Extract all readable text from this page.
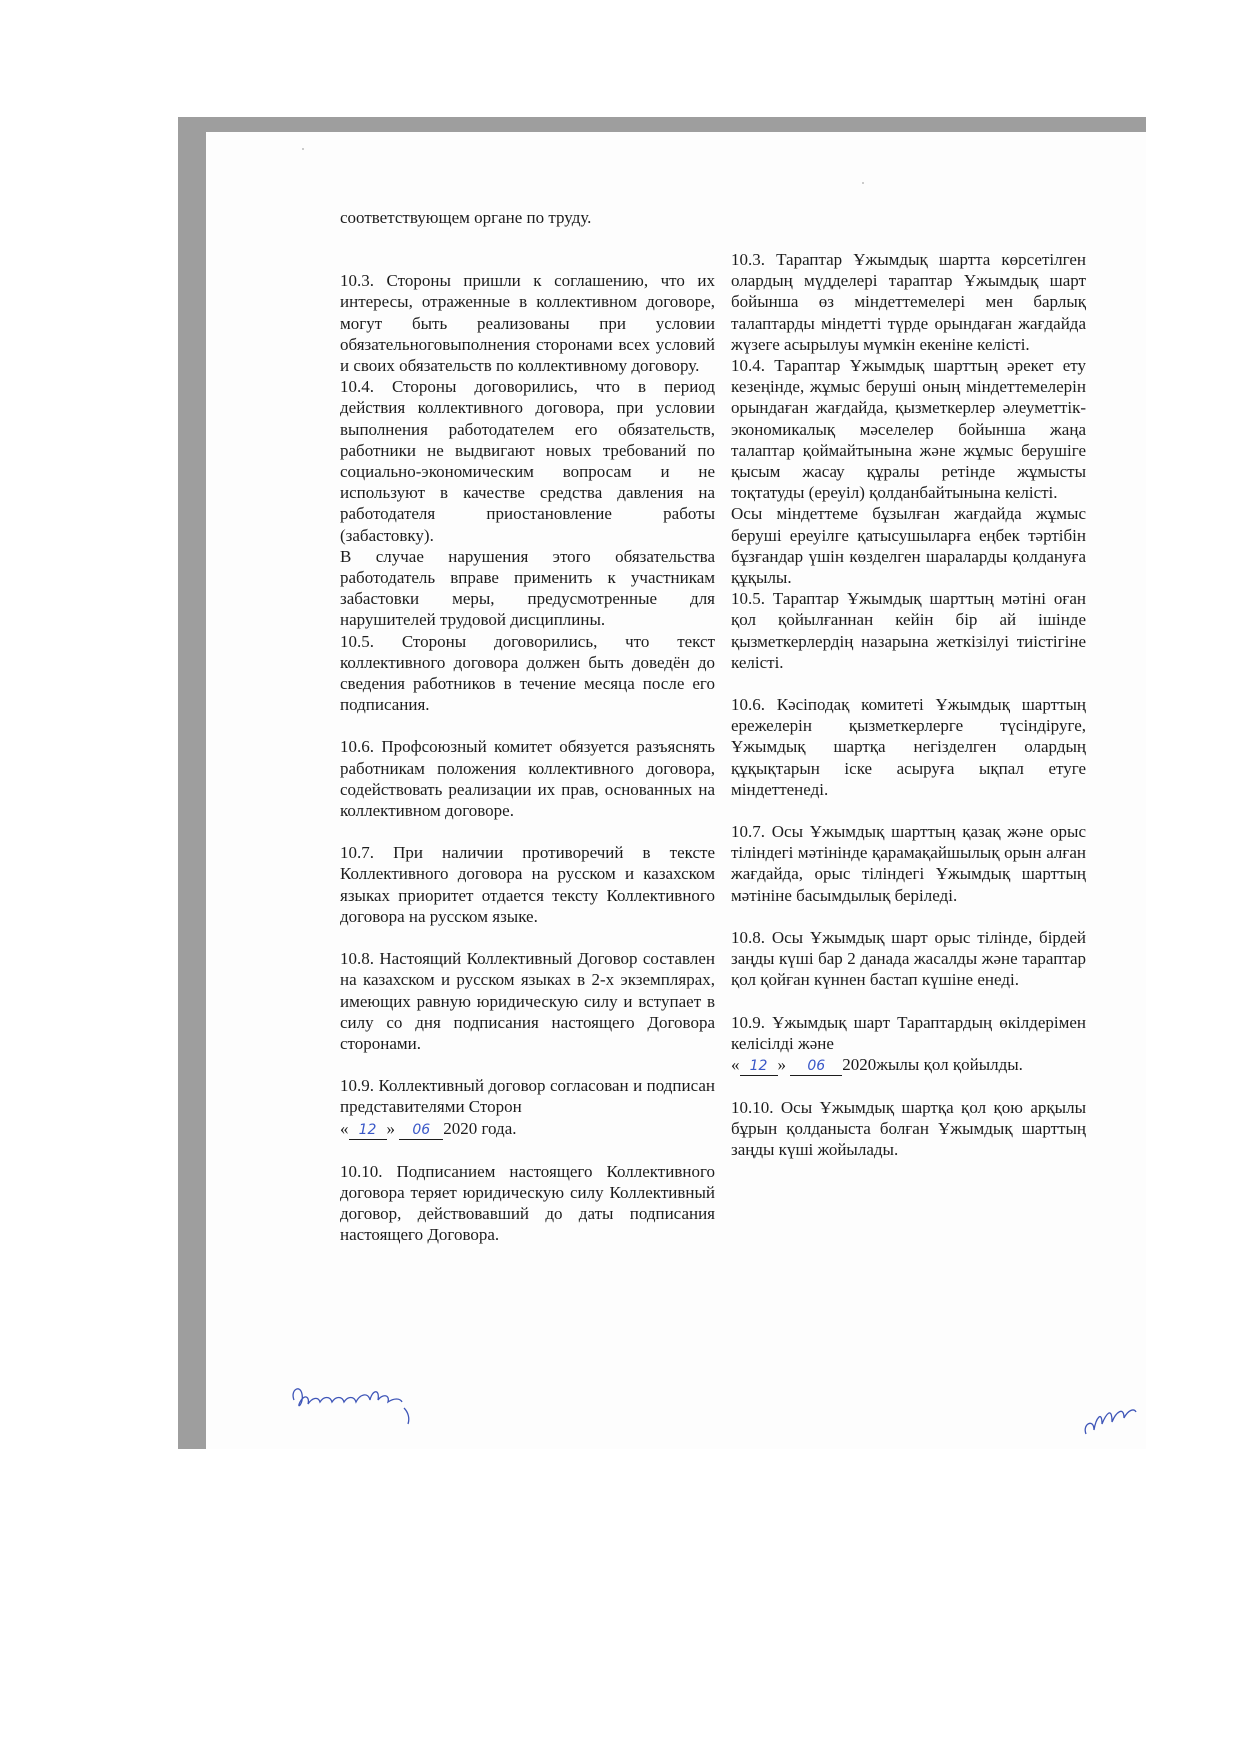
соответствующем органе по труду.

10.3. Стороны пришли к соглашению, что их интересы, отраженные в коллективном договоре, могут быть реализованы при условии обязательноговыполнения сторонами всех условий и своих обязательств по коллективному договору.

10.4. Стороны договорились, что в период действия коллективного договора, при условии выполнения работодателем его обязательств, работники не выдвигают новых требований по социально-экономическим вопросам и не используют в качестве средства давления на работодателя приостановление работы (забастовку).

В случае нарушения этого обязательства работодатель вправе применить к участникам забастовки меры, предусмотренные для нарушителей трудовой дисциплины.

10.5. Стороны договорились, что текст коллективного договора должен быть доведён до сведения работников в течение месяца после его подписания.

10.6. Профсоюзный комитет обязуется разъяснять работникам положения коллективного договора, содействовать реализации их прав, основанных на коллективном договоре.

10.7. При наличии противоречий в тексте Коллективного договора на русском и казахском языках приоритет отдается тексту Коллективного договора на русском языке.

10.8. Настоящий Коллективный Договор составлен на казахском и русском языках в 2-х экземплярах, имеющих равную юридическую силу и вступает в силу со дня подписания настоящего Договора сторонами.

10.9. Коллективный договор согласован и подписан представителями Сторон

« 12 » 06 2020 года.

10.10. Подписанием настоящего Коллективного договора теряет юридическую силу Коллективный договор, действовавший до даты подписания настоящего Договора.

10.3. Тараптар Ұжымдық шартта көрсетілген олардың мүдделері тараптар Ұжымдық шарт бойынша өз міндеттемелері мен барлық талаптарды міндетті түрде орындаған жағдайда жүзеге асырылуы мүмкін екеніне келісті.

10.4. Тараптар Ұжымдық шарттың әрекет ету кезеңінде, жұмыс беруші оның міндеттемелерін орындаған жағдайда, қызметкерлер әлеуметтік-экономикалық мәселелер бойынша жаңа талаптар қоймайтынына және жұмыс берушіге қысым жасау құралы ретінде жұмысты тоқтатуды (ереуіл) қолданбайтынына келісті.

Осы міндеттеме бұзылған жағдайда жұмыс беруші ереуілге қатысушыларға еңбек тәртібін бұзғандар үшін көзделген шараларды қолдануға құқылы.

10.5. Тараптар Ұжымдық шарттың мәтіні оған қол қойылғаннан кейін бір ай ішінде қызметкерлердің назарына жеткізілуі тиістігіне келісті.

10.6. Кәсіподақ комитеті Ұжымдық шарттың ережелерін қызметкерлерге түсіндіруге, Ұжымдық шартқа негізделген олардың құқықтарын іске асыруға ықпал етуге міндеттенеді.

10.7. Осы Ұжымдық шарттың қазақ және орыс тіліндегі мәтінінде қарамақайшылық орын алған жағдайда, орыс тіліндегі Ұжымдық шарттың мәтініне басымдылық беріледі.

10.8. Осы Ұжымдық шарт орыс тілінде, бірдей заңды күші бар 2 данада жасалды және тараптар қол қойған күннен бастап күшіне енеді.

10.9. Ұжымдық шарт Тараптардың өкілдерімен келісілді және

« 12 » 06 2020жылы қол қойылды.

10.10. Осы Ұжымдық шартқа қол қою арқылы бұрын қолданыста болған Ұжымдық шарттың заңды күші жойылады.
